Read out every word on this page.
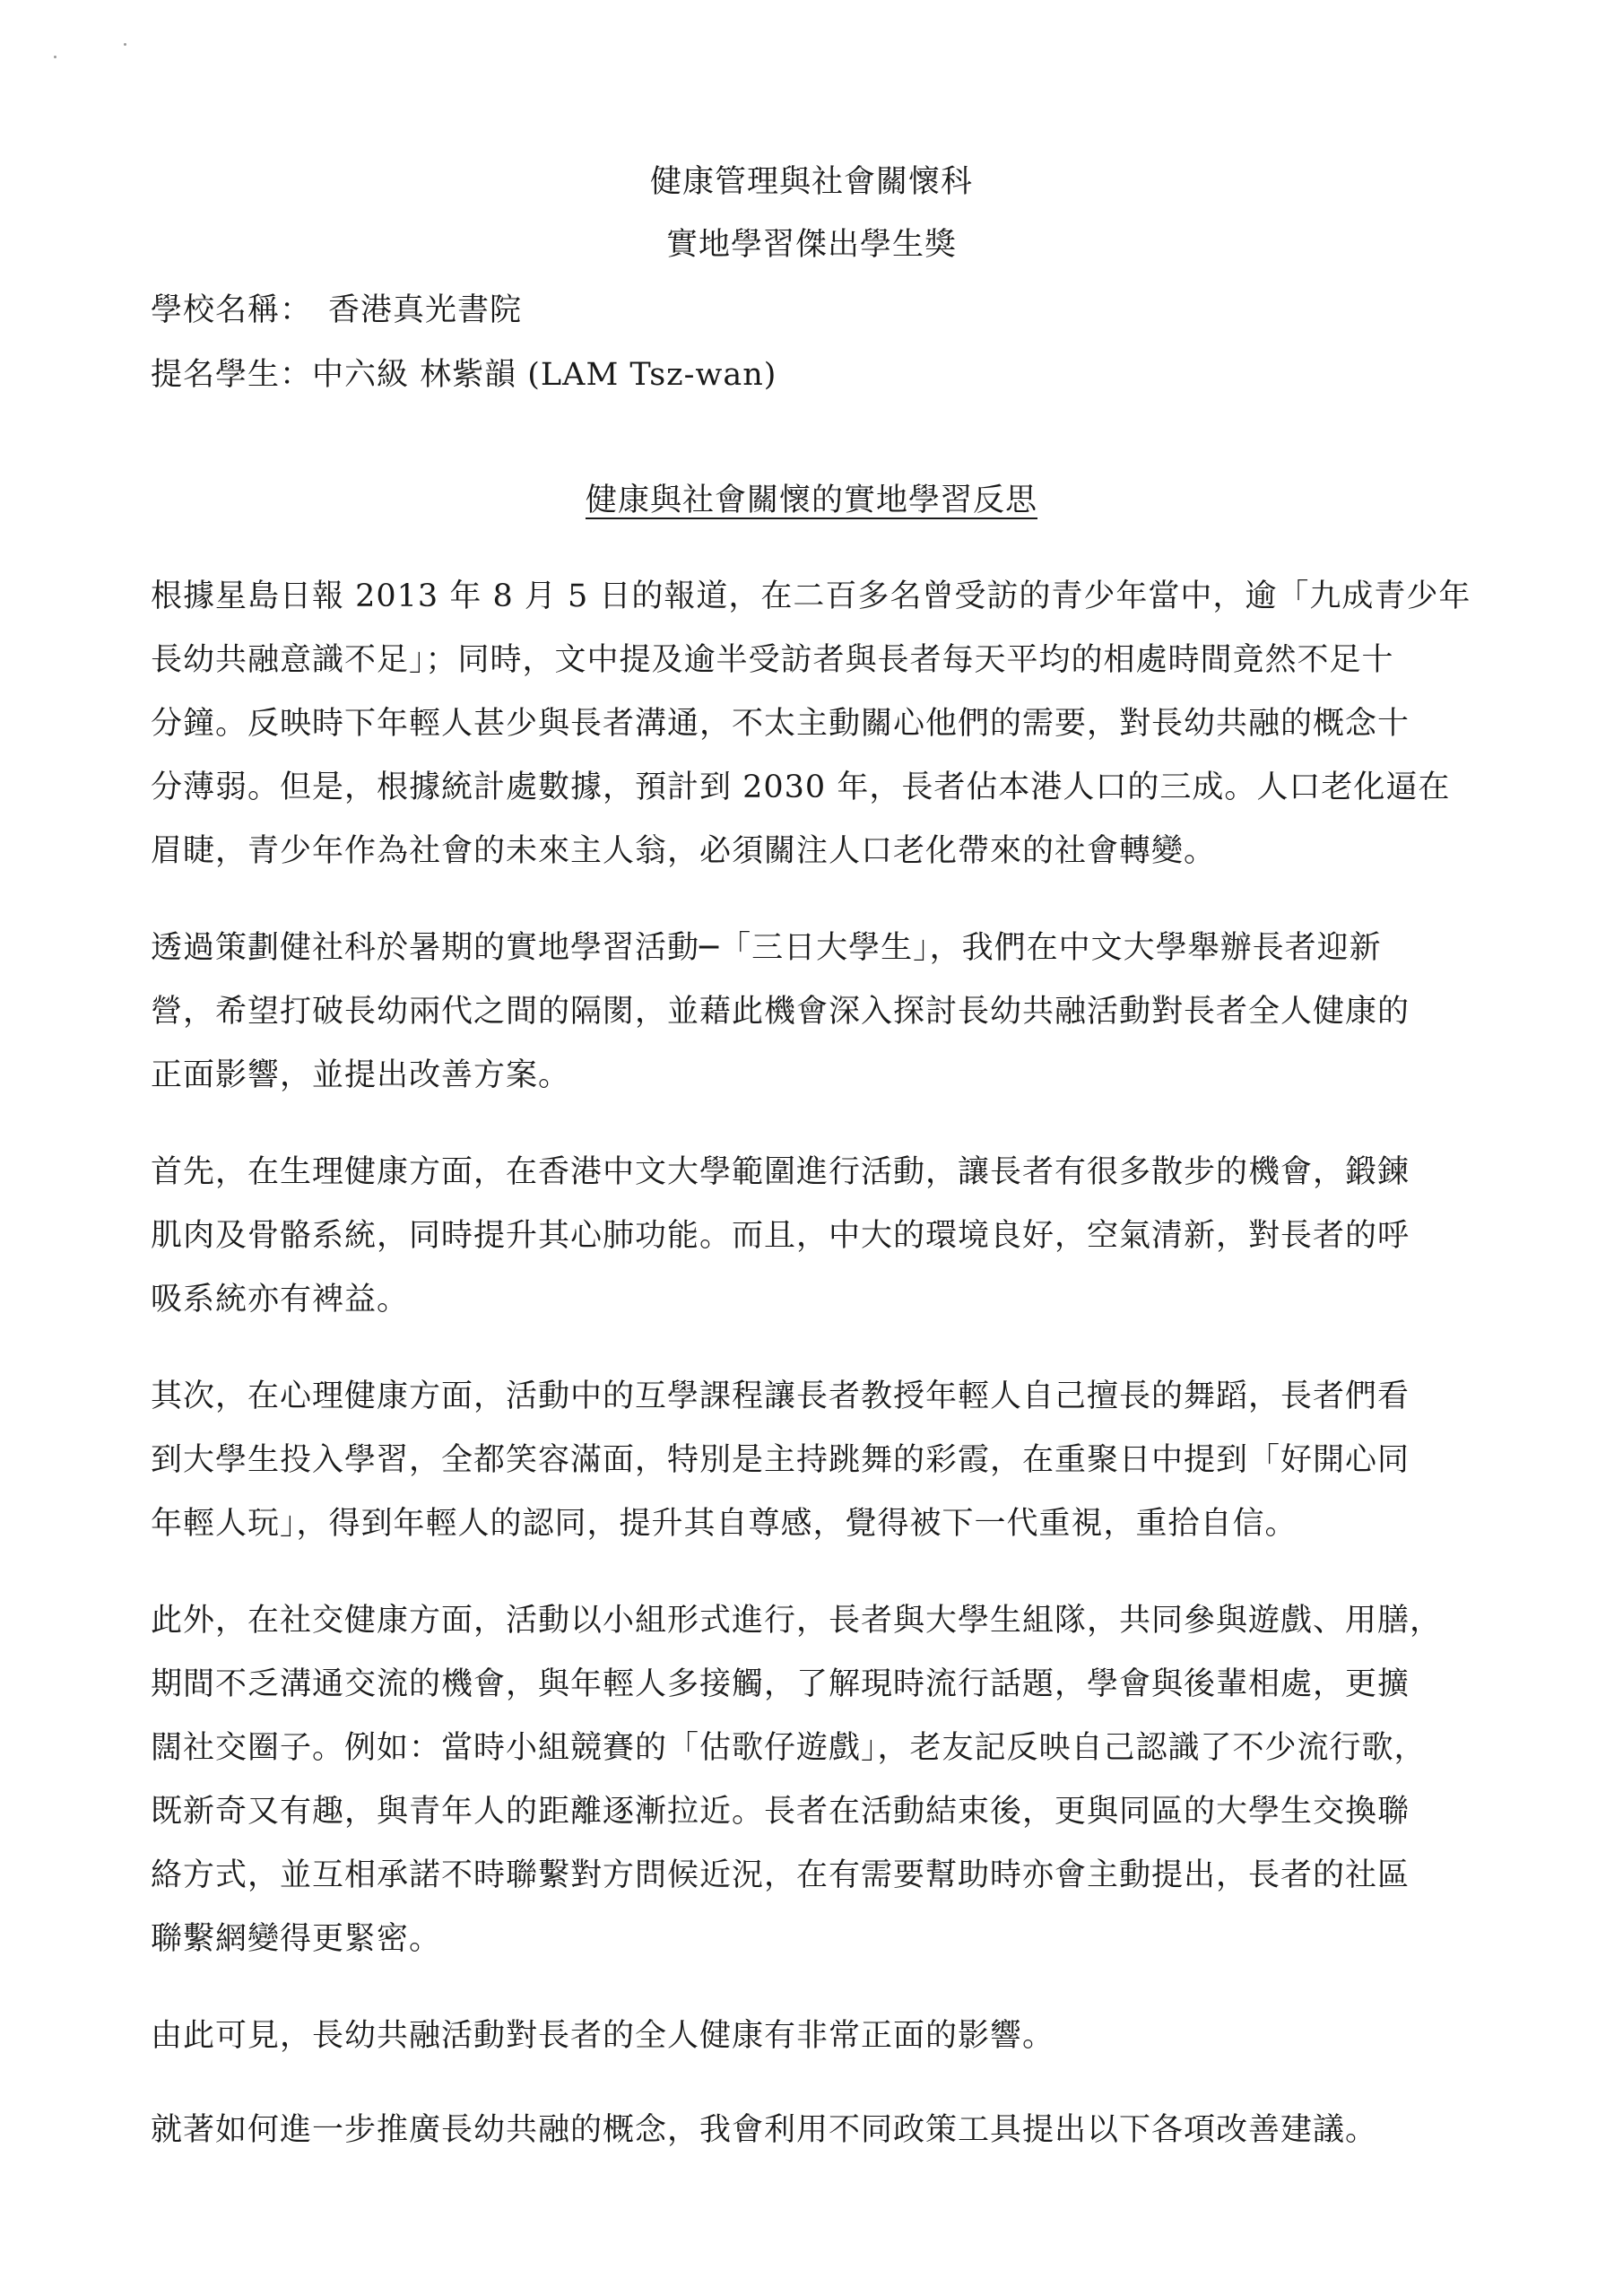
健康管理與社會關懷科
實地學習傑出學生獎
學校名稱： 香港真光書院
提名學生：中六級 林紫韻 (LAM Tsz-wan)
健康與社會關懷的實地學習反思
根據星島日報 2013 年 8 月 5 日的報道，在二百多名曾受訪的青少年當中，逾「九成青少年
長幼共融意識不足」；同時，文中提及逾半受訪者與長者每天平均的相處時間竟然不足十
分鐘。反映時下年輕人甚少與長者溝通，不太主動關心他們的需要，對長幼共融的概念十
分薄弱。但是，根據統計處數據，預計到 2030 年，長者佔本港人口的三成。人口老化逼在
眉睫，青少年作為社會的未來主人翁，必須關注人口老化帶來的社會轉變。
透過策劃健社科於暑期的實地學習活動─「三日大學生」，我們在中文大學舉辦長者迎新
營，希望打破長幼兩代之間的隔閡，並藉此機會深入探討長幼共融活動對長者全人健康的
正面影響，並提出改善方案。
首先，在生理健康方面，在香港中文大學範圍進行活動，讓長者有很多散步的機會，鍛鍊
肌肉及骨骼系統，同時提升其心肺功能。而且，中大的環境良好，空氣清新，對長者的呼
吸系統亦有裨益。
其次，在心理健康方面，活動中的互學課程讓長者教授年輕人自己擅長的舞蹈，長者們看
到大學生投入學習，全都笑容滿面，特別是主持跳舞的彩霞，在重聚日中提到「好開心同
年輕人玩」，得到年輕人的認同，提升其自尊感，覺得被下一代重視，重拾自信。
此外，在社交健康方面，活動以小組形式進行，長者與大學生組隊，共同參與遊戲、用膳，
期間不乏溝通交流的機會，與年輕人多接觸，了解現時流行話題，學會與後輩相處，更擴
闊社交圈子。例如：當時小組競賽的「估歌仔遊戲」，老友記反映自己認識了不少流行歌，
既新奇又有趣，與青年人的距離逐漸拉近。長者在活動結束後，更與同區的大學生交換聯
絡方式，並互相承諾不時聯繫對方問候近況，在有需要幫助時亦會主動提出，長者的社區
聯繫網變得更緊密。
由此可見，長幼共融活動對長者的全人健康有非常正面的影響。
就著如何進一步推廣長幼共融的概念，我會利用不同政策工具提出以下各項改善建議。
